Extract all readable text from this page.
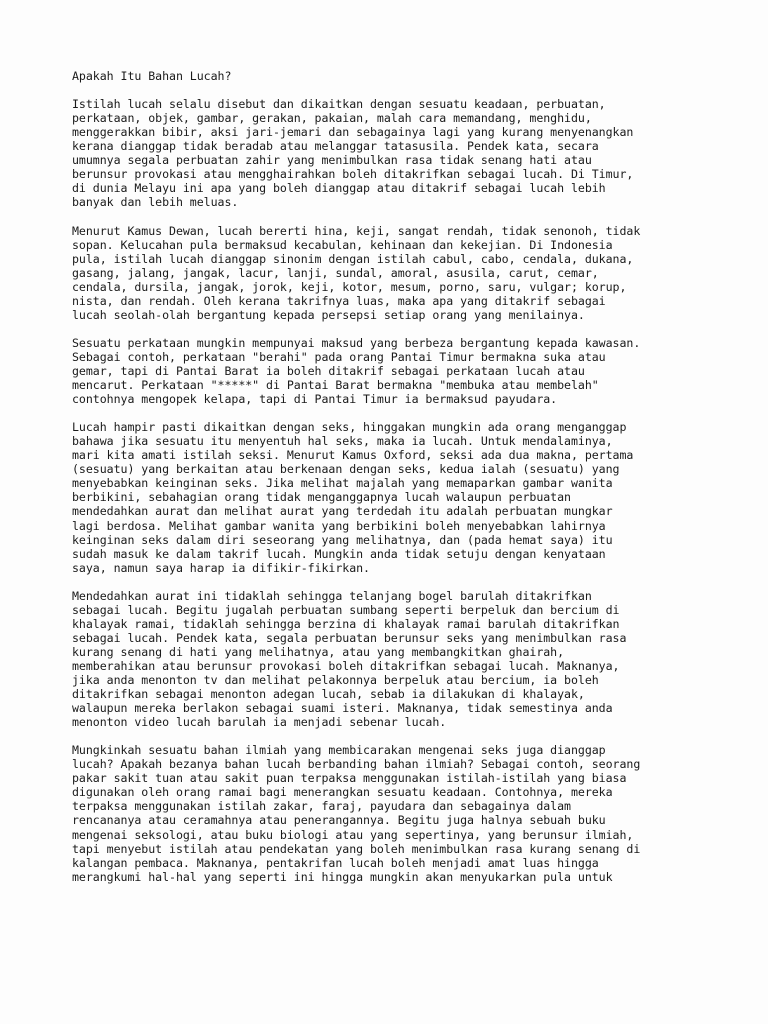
Apakah Itu Bahan Lucah?
Istilah lucah selalu disebut dan dikaitkan dengan sesuatu keadaan, perbuatan,
perkataan, objek, gambar, gerakan, pakaian, malah cara memandang, menghidu,
menggerakkan bibir, aksi jari-jemari dan sebagainya lagi yang kurang menyenangkan
kerana dianggap tidak beradab atau melanggar tatasusila. Pendek kata, secara
umumnya segala perbuatan zahir yang menimbulkan rasa tidak senang hati atau
berunsur provokasi atau mengghairahkan boleh ditakrifkan sebagai lucah. Di Timur,
di dunia Melayu ini apa yang boleh dianggap atau ditakrif sebagai lucah lebih
banyak dan lebih meluas.
Menurut Kamus Dewan, lucah bererti hina, keji, sangat rendah, tidak senonoh, tidak
sopan. Kelucahan pula bermaksud kecabulan, kehinaan dan kekejian. Di Indonesia
pula, istilah lucah dianggap sinonim dengan istilah cabul, cabo, cendala, dukana,
gasang, jalang, jangak, lacur, lanji, sundal, amoral, asusila, carut, cemar,
cendala, dursila, jangak, jorok, keji, kotor, mesum, porno, saru, vulgar; korup,
nista, dan rendah. Oleh kerana takrifnya luas, maka apa yang ditakrif sebagai
lucah seolah-olah bergantung kepada persepsi setiap orang yang menilainya.
Sesuatu perkataan mungkin mempunyai maksud yang berbeza bergantung kepada kawasan.
Sebagai contoh, perkataan "berahi" pada orang Pantai Timur bermakna suka atau
gemar, tapi di Pantai Barat ia boleh ditakrif sebagai perkataan lucah atau
mencarut. Perkataan "*****" di Pantai Barat bermakna "membuka atau membelah"
contohnya mengopek kelapa, tapi di Pantai Timur ia bermaksud payudara.
Lucah hampir pasti dikaitkan dengan seks, hinggakan mungkin ada orang menganggap
bahawa jika sesuatu itu menyentuh hal seks, maka ia lucah. Untuk mendalaminya,
mari kita amati istilah seksi. Menurut Kamus Oxford, seksi ada dua makna, pertama
(sesuatu) yang berkaitan atau berkenaan dengan seks, kedua ialah (sesuatu) yang
menyebabkan keinginan seks. Jika melihat majalah yang memaparkan gambar wanita
berbikini, sebahagian orang tidak menganggapnya lucah walaupun perbuatan
mendedahkan aurat dan melihat aurat yang terdedah itu adalah perbuatan mungkar
lagi berdosa. Melihat gambar wanita yang berbikini boleh menyebabkan lahirnya
keinginan seks dalam diri seseorang yang melihatnya, dan (pada hemat saya) itu
sudah masuk ke dalam takrif lucah. Mungkin anda tidak setuju dengan kenyataan
saya, namun saya harap ia difikir-fikirkan.
Mendedahkan aurat ini tidaklah sehingga telanjang bogel barulah ditakrifkan
sebagai lucah. Begitu jugalah perbuatan sumbang seperti berpeluk dan bercium di
khalayak ramai, tidaklah sehingga berzina di khalayak ramai barulah ditakrifkan
sebagai lucah. Pendek kata, segala perbuatan berunsur seks yang menimbulkan rasa
kurang senang di hati yang melihatnya, atau yang membangkitkan ghairah,
memberahikan atau berunsur provokasi boleh ditakrifkan sebagai lucah. Maknanya,
jika anda menonton tv dan melihat pelakonnya berpeluk atau bercium, ia boleh
ditakrifkan sebagai menonton adegan lucah, sebab ia dilakukan di khalayak,
walaupun mereka berlakon sebagai suami isteri. Maknanya, tidak semestinya anda
menonton video lucah barulah ia menjadi sebenar lucah.
Mungkinkah sesuatu bahan ilmiah yang membicarakan mengenai seks juga dianggap
lucah? Apakah bezanya bahan lucah berbanding bahan ilmiah? Sebagai contoh, seorang
pakar sakit tuan atau sakit puan terpaksa menggunakan istilah-istilah yang biasa
digunakan oleh orang ramai bagi menerangkan sesuatu keadaan. Contohnya, mereka
terpaksa menggunakan istilah zakar, faraj, payudara dan sebagainya dalam
rencananya atau ceramahnya atau penerangannya. Begitu juga halnya sebuah buku
mengenai seksologi, atau buku biologi atau yang sepertinya, yang berunsur ilmiah,
tapi menyebut istilah atau pendekatan yang boleh menimbulkan rasa kurang senang di
kalangan pembaca. Maknanya, pentakrifan lucah boleh menjadi amat luas hingga
merangkumi hal-hal yang seperti ini hingga mungkin akan menyukarkan pula untuk
